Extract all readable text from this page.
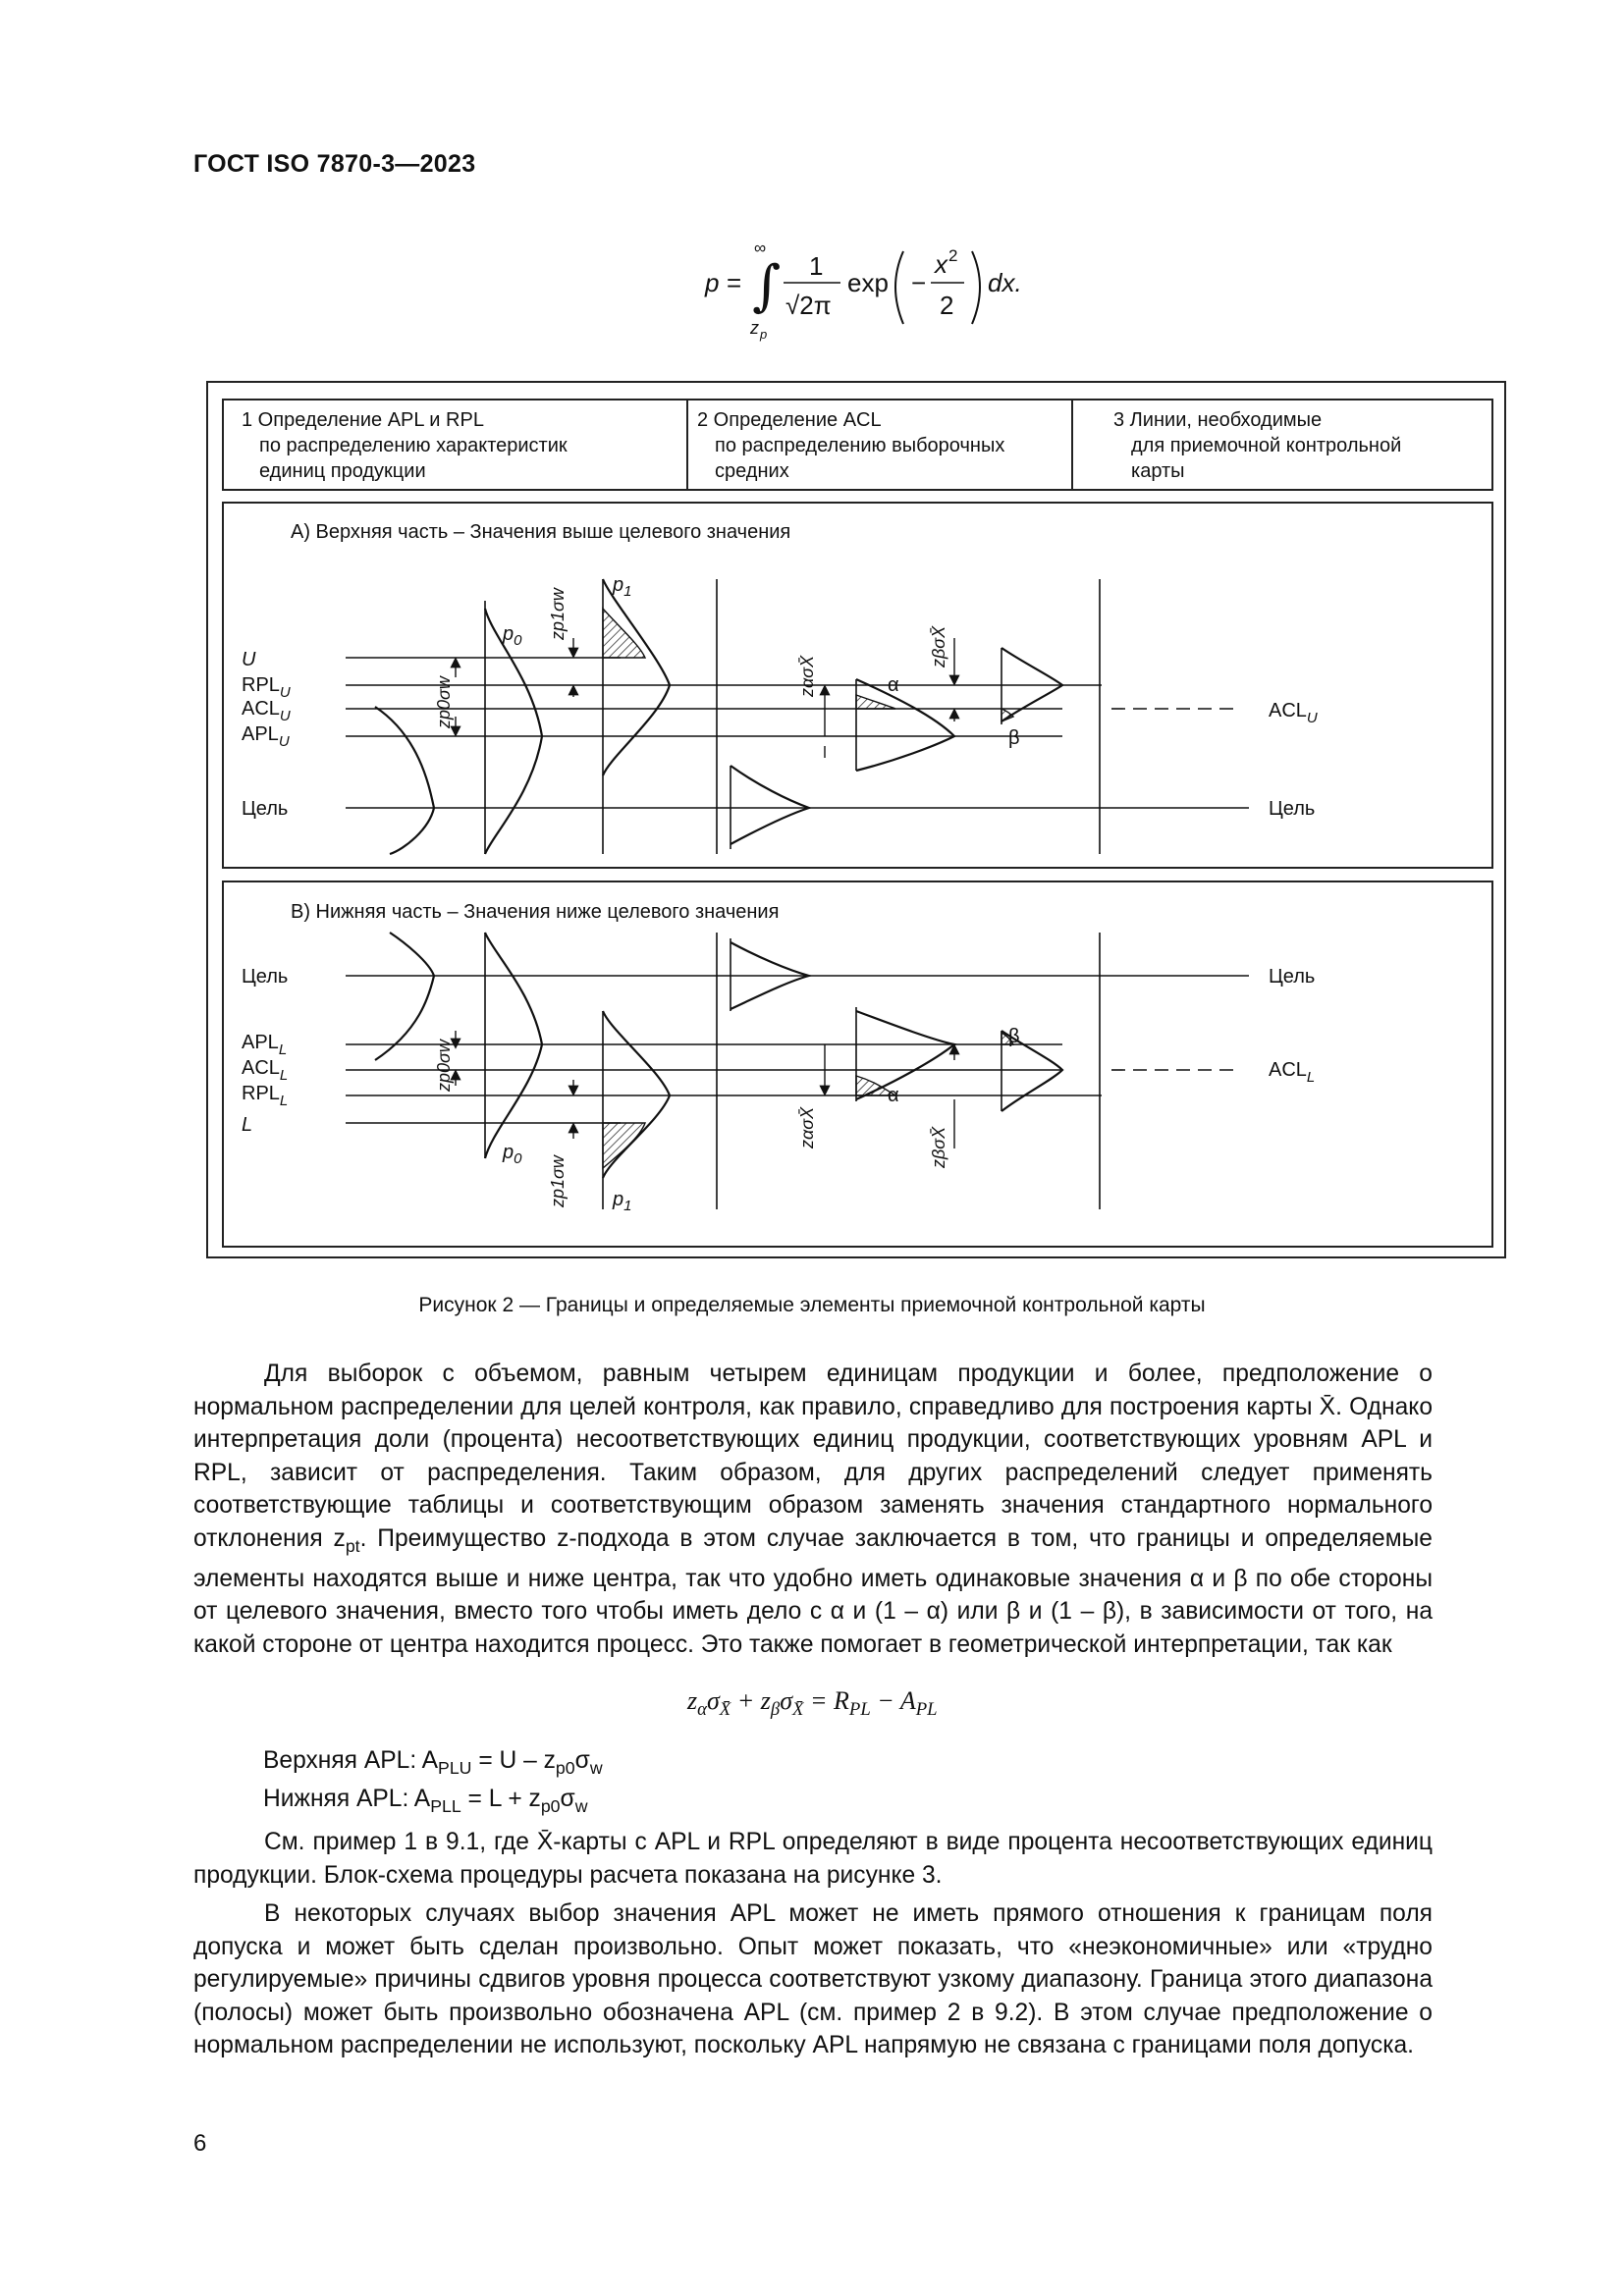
ГОСТ ISO 7870-3—2023
p =
∞
∫
z p
1
√2π
exp −
x 2
2
dx.
1 Определение APL и RPL
по распределению характеристик
единиц продукции
2 Определение ACL
по распределению выборочных
средних
3 Линии, необходимые
для приемочной контрольной
карты
А) Верхняя часть – Значения выше целевого значения
U
$RPL_U$
$ACL_U$
$APL_U$
Цель
$ACL_U$
Цель
$p_0$
$p_1$
zp0σw
zp1σw
α
β
zασX̄
zβσX̄
В) Нижняя часть – Значения ниже целевого значения
Цель
$APL_L$
$ACL_L$
$RPL_L$
L
$ACL_L$
Цель
$p_0$
$p_1$
zp0σw
zp1σw
α
β
zασX̄	zβσX̄
Рисунок 2 — Границы и определяемые элементы приемочной контрольной карты

Для выборок с объемом, равным четырем единицам продукции и более, предположение о нормальном распределении для целей контроля, как правило, справедливо для построения карты X̄. Однако интерпретация доли (процента) несоответствующих единиц продукции, соответствующих уровням APL и RPL, зависит от распределения. Таким образом, для других распределений следует применять соответствующие таблицы и соответствующим образом заменять значения стандартного нормального отклонения $z_{pt}$. Преимущество z-подхода в этом случае заключается в том, что границы и определяемые элементы находятся выше и ниже центра, так что удобно иметь одинаковые значения α и β по обе стороны от целевого значения, вместо того чтобы иметь дело с α и (1 – α) или β и (1 – β), в зависимости от того, на какой стороне от центра находится процесс. Это также помогает в геометрической интерпретации, так как

$z_\alpha\sigma_{X̄} + z_\beta\sigma_{X̄} = R_{PL} - A_{PL}$
Верхняя APL: $A_{PLU} = U - z_{p0}\sigma_w$
Нижняя APL: $A_{PLL} = L + z_{p0}\sigma_w$

См. пример 1 в 9.1, где X̄-карты с APL и RPL определяют в виде процента несоответствующих единиц продукции. Блок-схема процедуры расчета показана на рисунке 3.

В некоторых случаях выбор значения APL может не иметь прямого отношения к границам поля допуска и может быть сделан произвольно. Опыт может показать, что «неэкономичные» или «трудно регулируемые» причины сдвигов уровня процесса соответствуют узкому диапазону. Граница этого диапазона (полосы) может быть произвольно обозначена APL (см. пример 2 в 9.2). В этом случае предположение о нормальном распределении не используют, поскольку APL напрямую не связана с границами поля допуска.

6
